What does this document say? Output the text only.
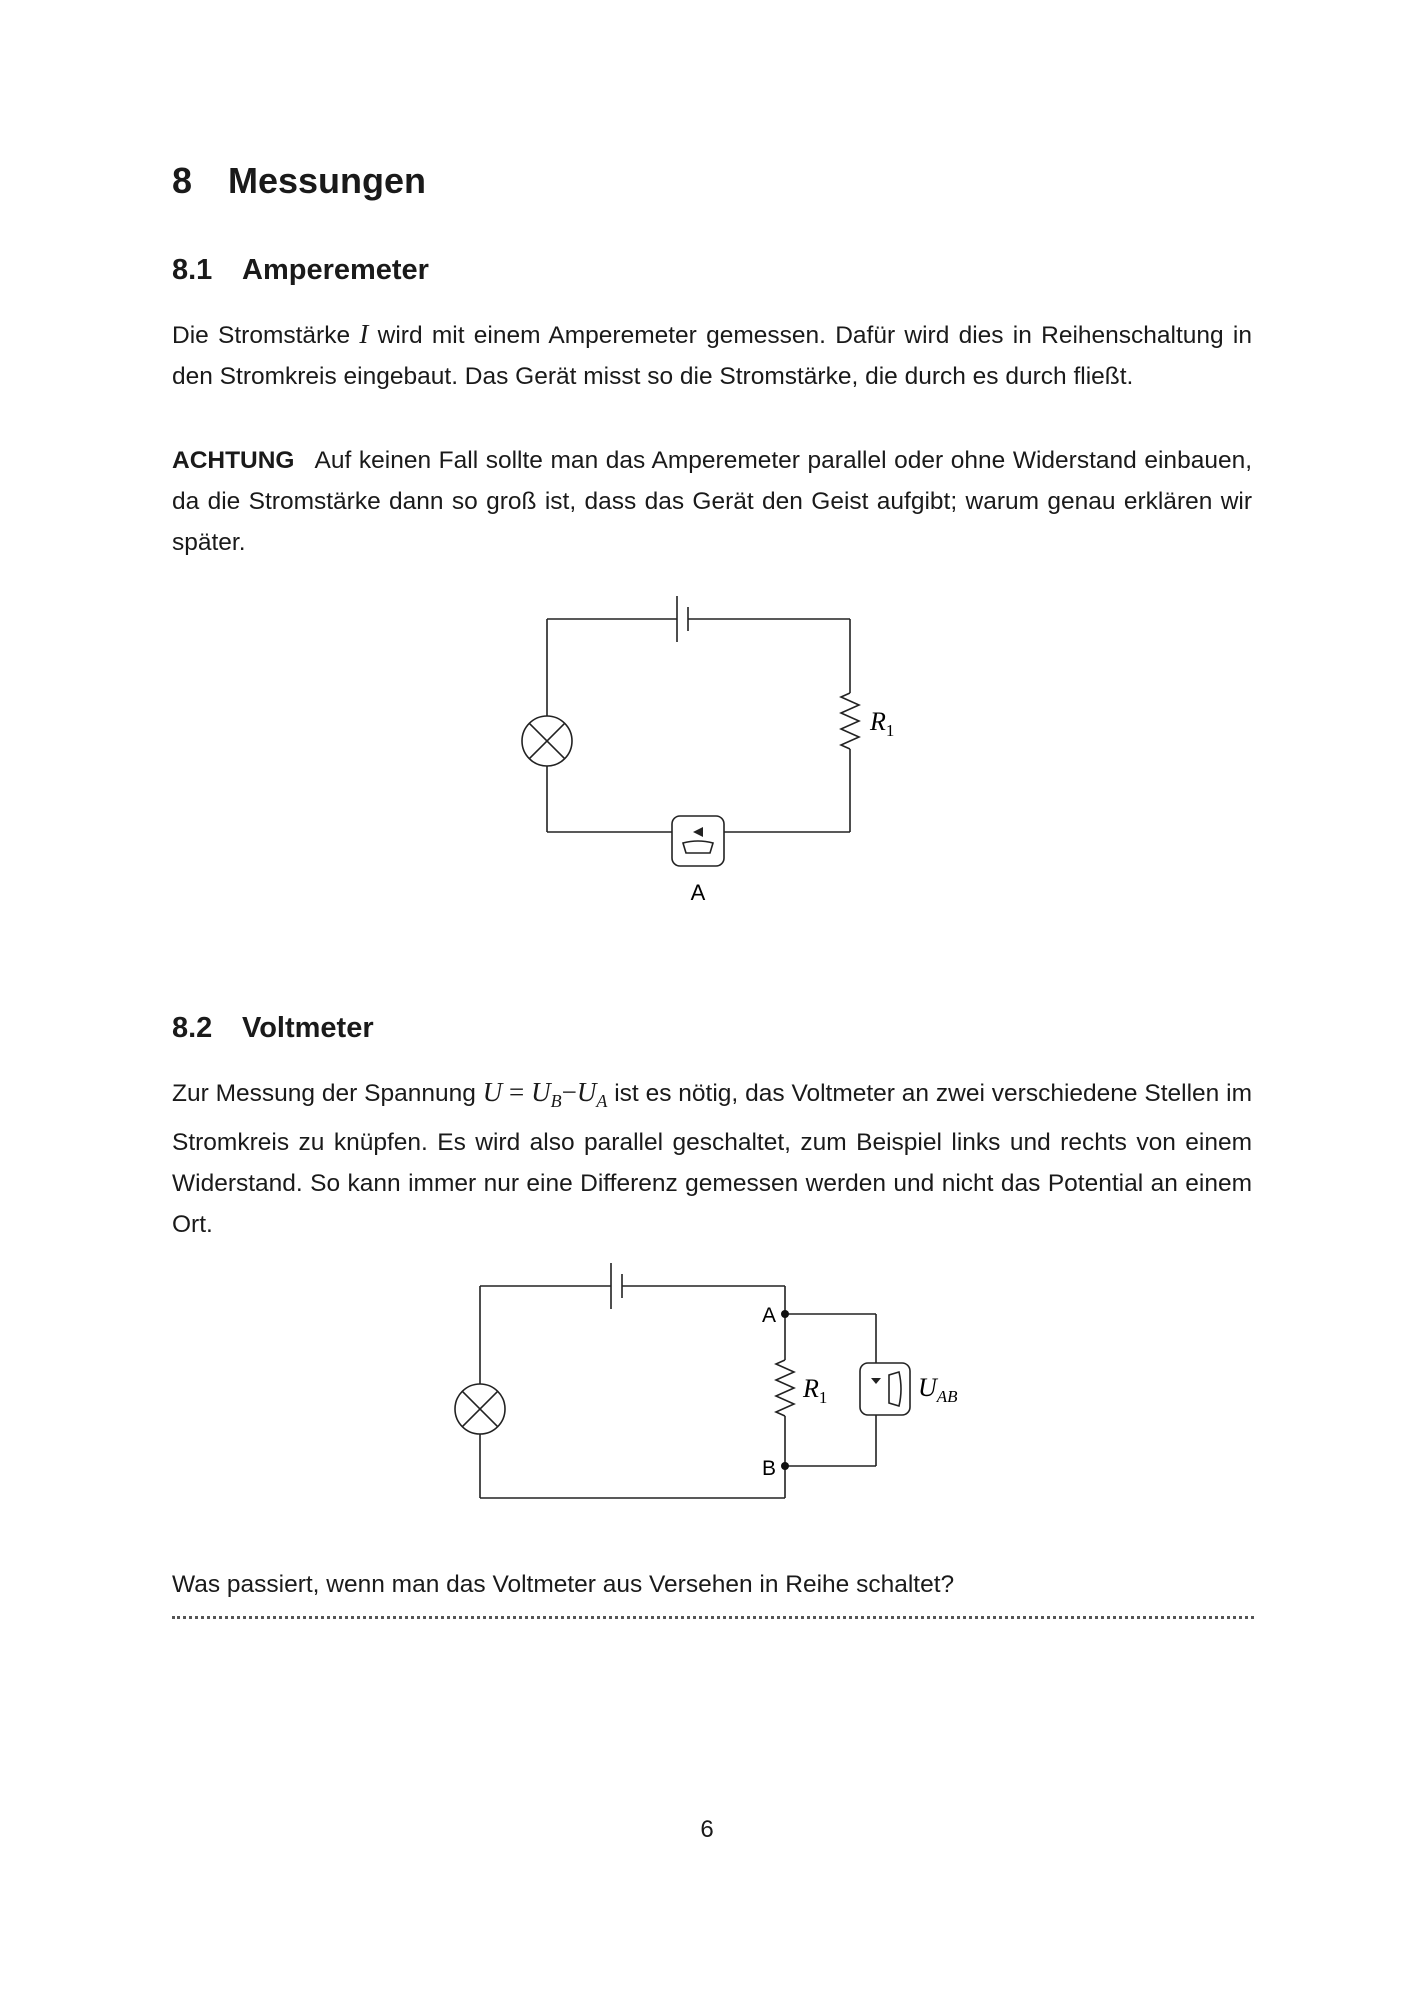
8 Messungen
8.1 Amperemeter
Die Stromstärke I wird mit einem Amperemeter gemessen. Dafür wird dies in Reihenschaltung in den Stromkreis eingebaut. Das Gerät misst so die Stromstärke, die durch es durch fließt.
ACHTUNG Auf keinen Fall sollte man das Amperemeter parallel oder ohne Widerstand einbauen, da die Stromstärke dann so groß ist, dass das Gerät den Geist aufgibt; warum genau erklären wir später.
$R_1$
A
8.2 Voltmeter
Zur Messung der Spannung $U = U_B-U_A$ ist es nötig, das Voltmeter an zwei verschiedene Stellen im Stromkreis zu knüpfen. Es wird also parallel geschaltet, zum Beispiel links und rechts von einem Widerstand. So kann immer nur eine Differenz gemessen werden und nicht das Potential an einem Ort.
A
B
$R_1$	$U_{AB}$
Was passiert, wenn man das Voltmeter aus Versehen in Reihe schaltet?
6
